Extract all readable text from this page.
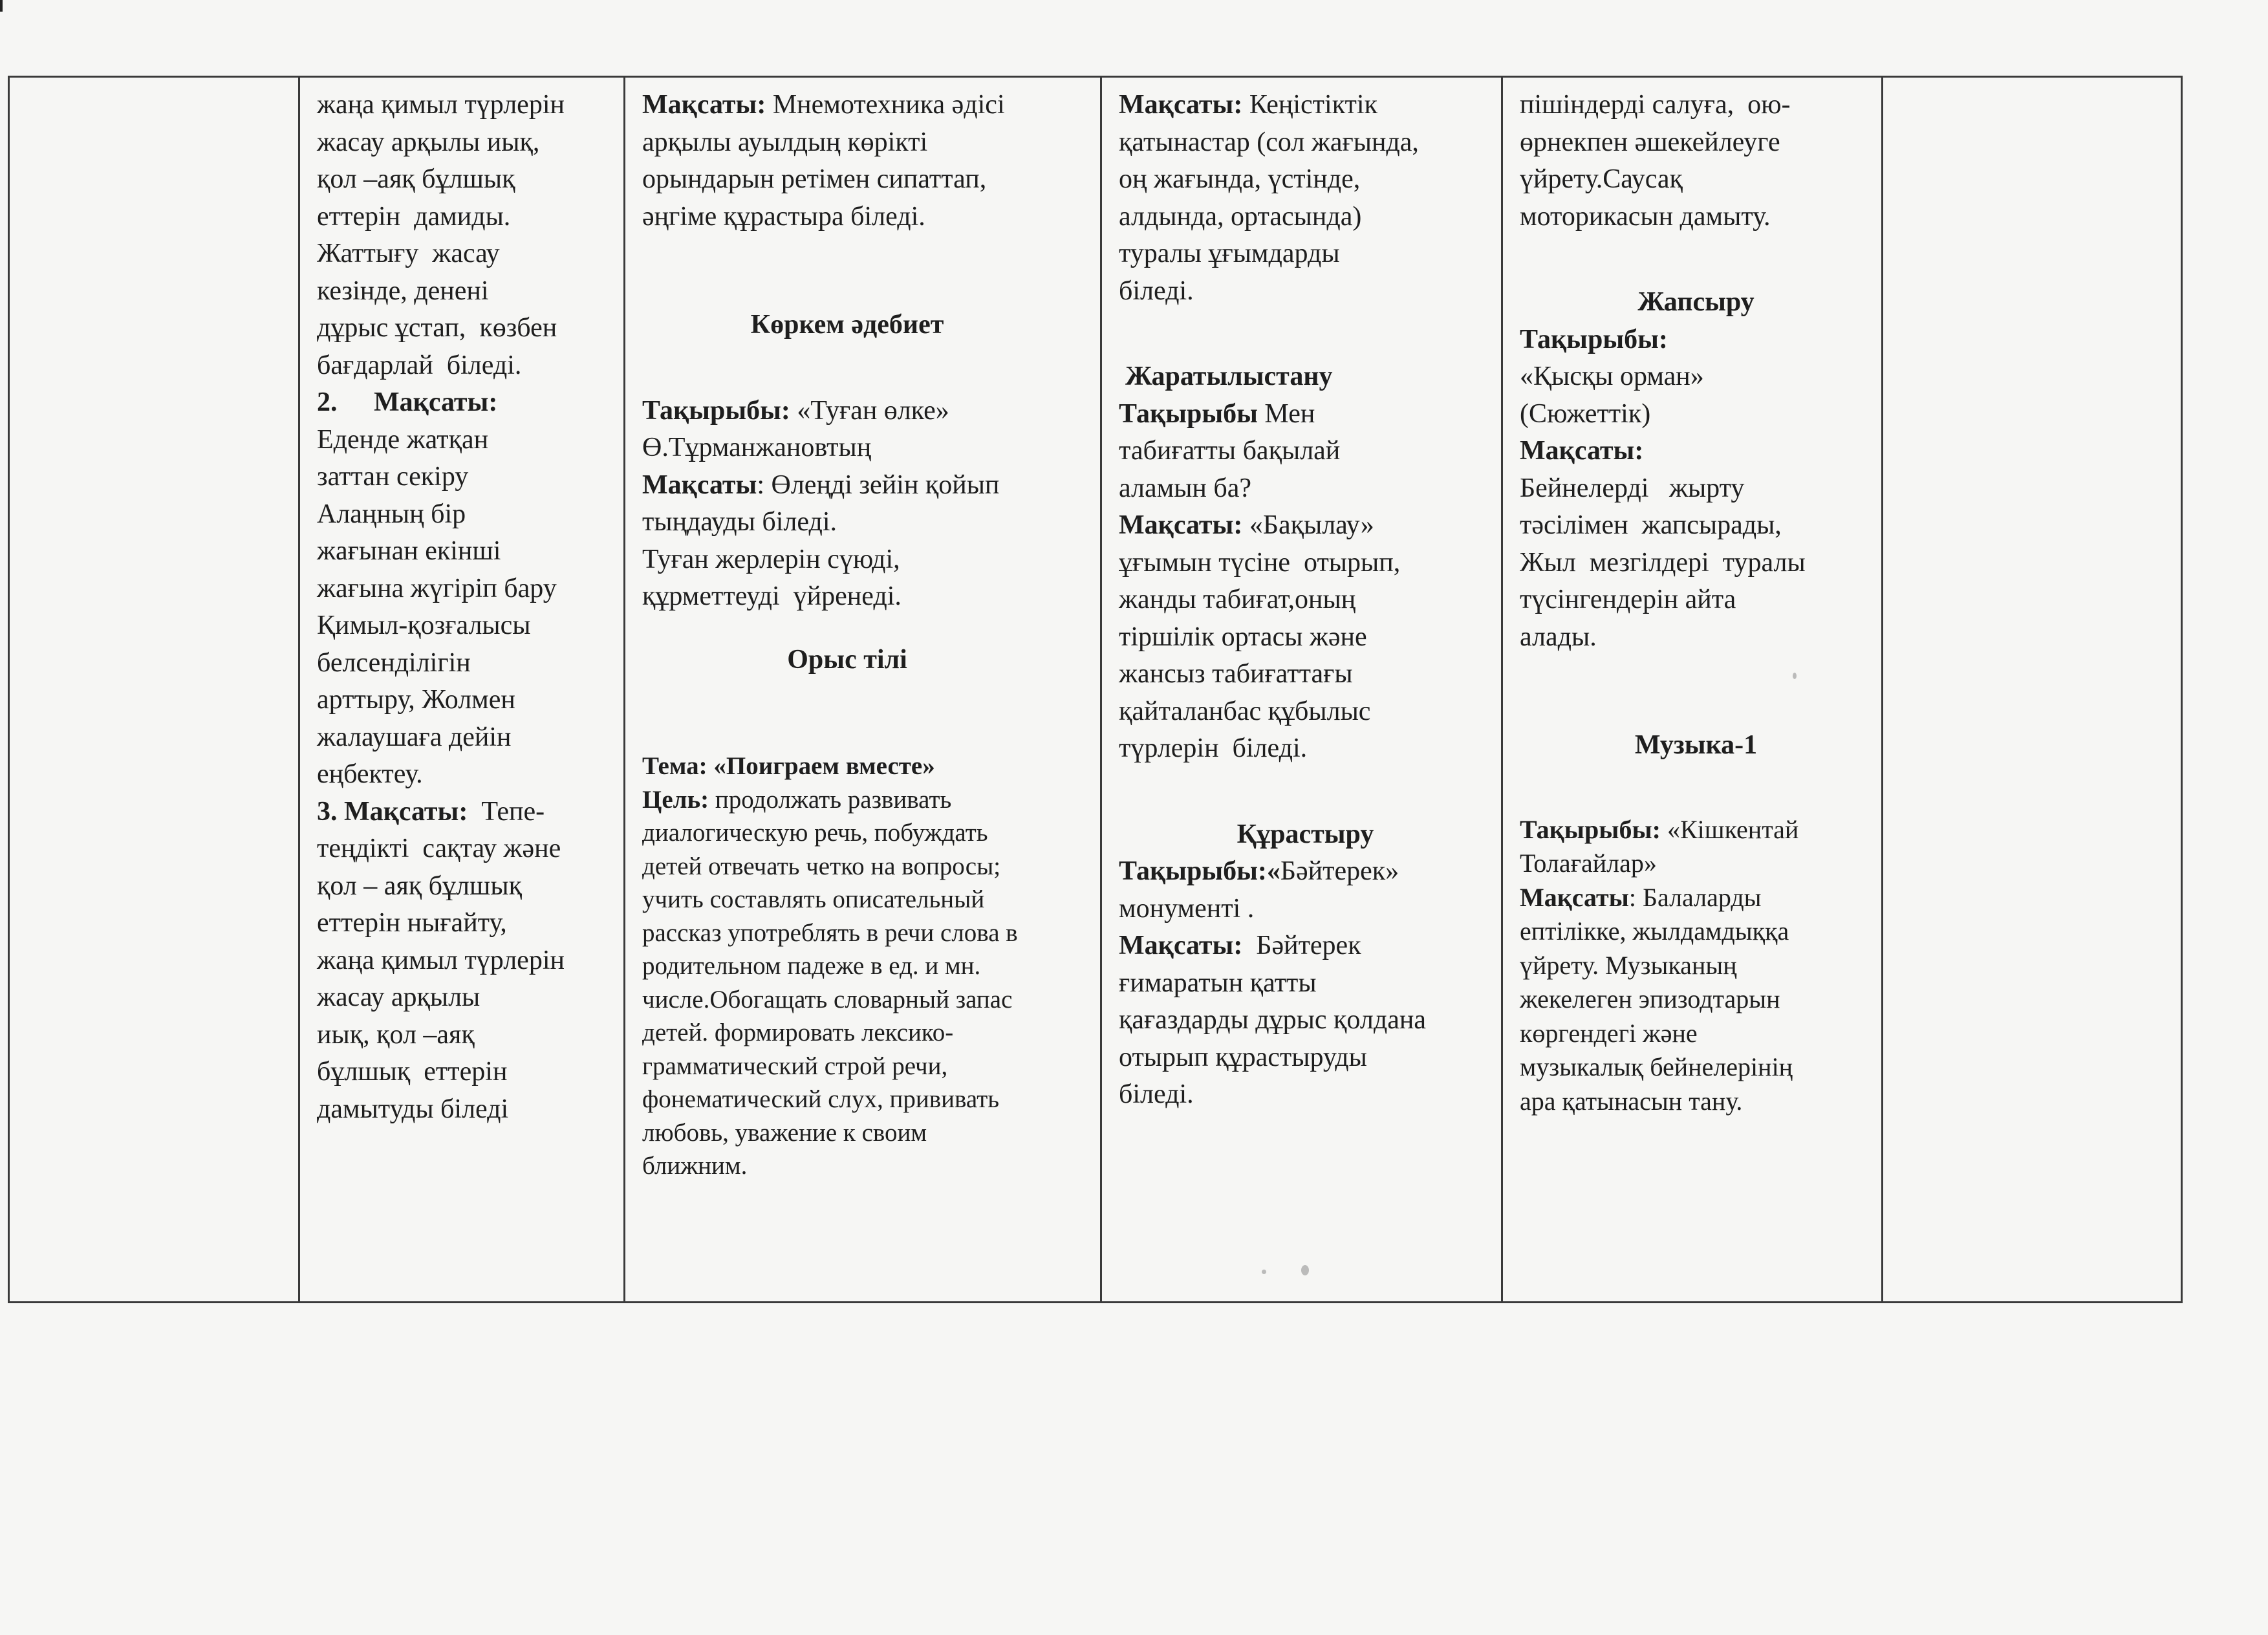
жаңа қимыл түрлерін
жасау арқылы иық,
қол –аяқ бұлшық
еттерін  дамиды.
Жаттығу  жасау
кезінде, денені
дұрыс ұстап,  көзбен
бағдарлай  біледі.
2.	Мақсаты:
Еденде жатқан
заттан секіру
Алаңның бір
жағынан екінші
жағына жүгіріп бару
Қимыл-қозғалысы
белсенділігін
арттыру, Жолмен
жалаушаға дейін
еңбектеу.
3. Мақсаты:  Тепе-
теңдікті  сақтау және
қол – аяқ бұлшық
еттерін нығайту,
жаңа қимыл түрлерін
жасау арқылы
иық, қол –аяқ
бұлшық  еттерін
дамытуды біледі

Мақсаты: Мнемотехника әдісі
арқылы ауылдың көрікті
орындарын ретімен сипаттап,
әңгіме құрастыра біледі.
Көркем әдебиет
Тақырыбы: «Туған өлке»
Ө.Тұрманжановтың
Мақсаты: Өлеңді зейін қойып
тыңдауды біледі.
Туған жерлерін сүюді,
құрметтеуді  үйренеді.
Орыс тілі
Тема: «Поиграем вместе»
Цель: продолжать развивать
диалогическую речь, побуждать
детей отвечать четко на вопросы;
учить составлять описательный
рассказ употреблять в речи слова в
родительном падеже в ед. и мн.
числе.Обогащать словарный запас
детей. формировать лексико-
грамматический строй речи,
фонематический слух, прививать
любовь, уважение к своим
ближним.

Мақсаты: Кеңістіктік
қатынастар (сол жағында,
оң жағында, үстінде,
алдында, ортасында)
туралы ұғымдарды
біледі.
Жаратылыстану
Тақырыбы Мен
табиғатты бақылай
аламын ба?
Мақсаты: «Бақылау»
ұғымын түсіне  отырып,
жанды табиғат,оның
тіршілік ортасы және
жансыз табиғаттағы
қайталанбас құбылыс
түрлерін  біледі.
Құрастыру
Тақырыбы:«Бәйтерек»
монументі .
Мақсаты:  Бәйтерек
ғимаратын қатты
қағаздарды дұрыс қолдана
отырып құрастыруды
біледі.

пішіндерді салуға,  ою-
өрнекпен әшекейлеуге
үйрету.Саусақ
моторикасын дамыту.
Жапсыру
Тақырыбы:
«Қысқы орман»
(Сюжеттік)
Мақсаты:
Бейнелерді   жырту
тәсілімен  жапсырады,
Жыл  мезгілдері  туралы
түсінгендерін айта
алады.
Музыка-1
Тақырыбы: «Кішкентай
Толағайлар»
Мақсаты: Балаларды
ептілікке, жылдамдыққа
үйрету. Музыканың
жекелеген эпизодтарын
көргендегі және
музыкалық бейнелерінің
ара қатынасын тану.
